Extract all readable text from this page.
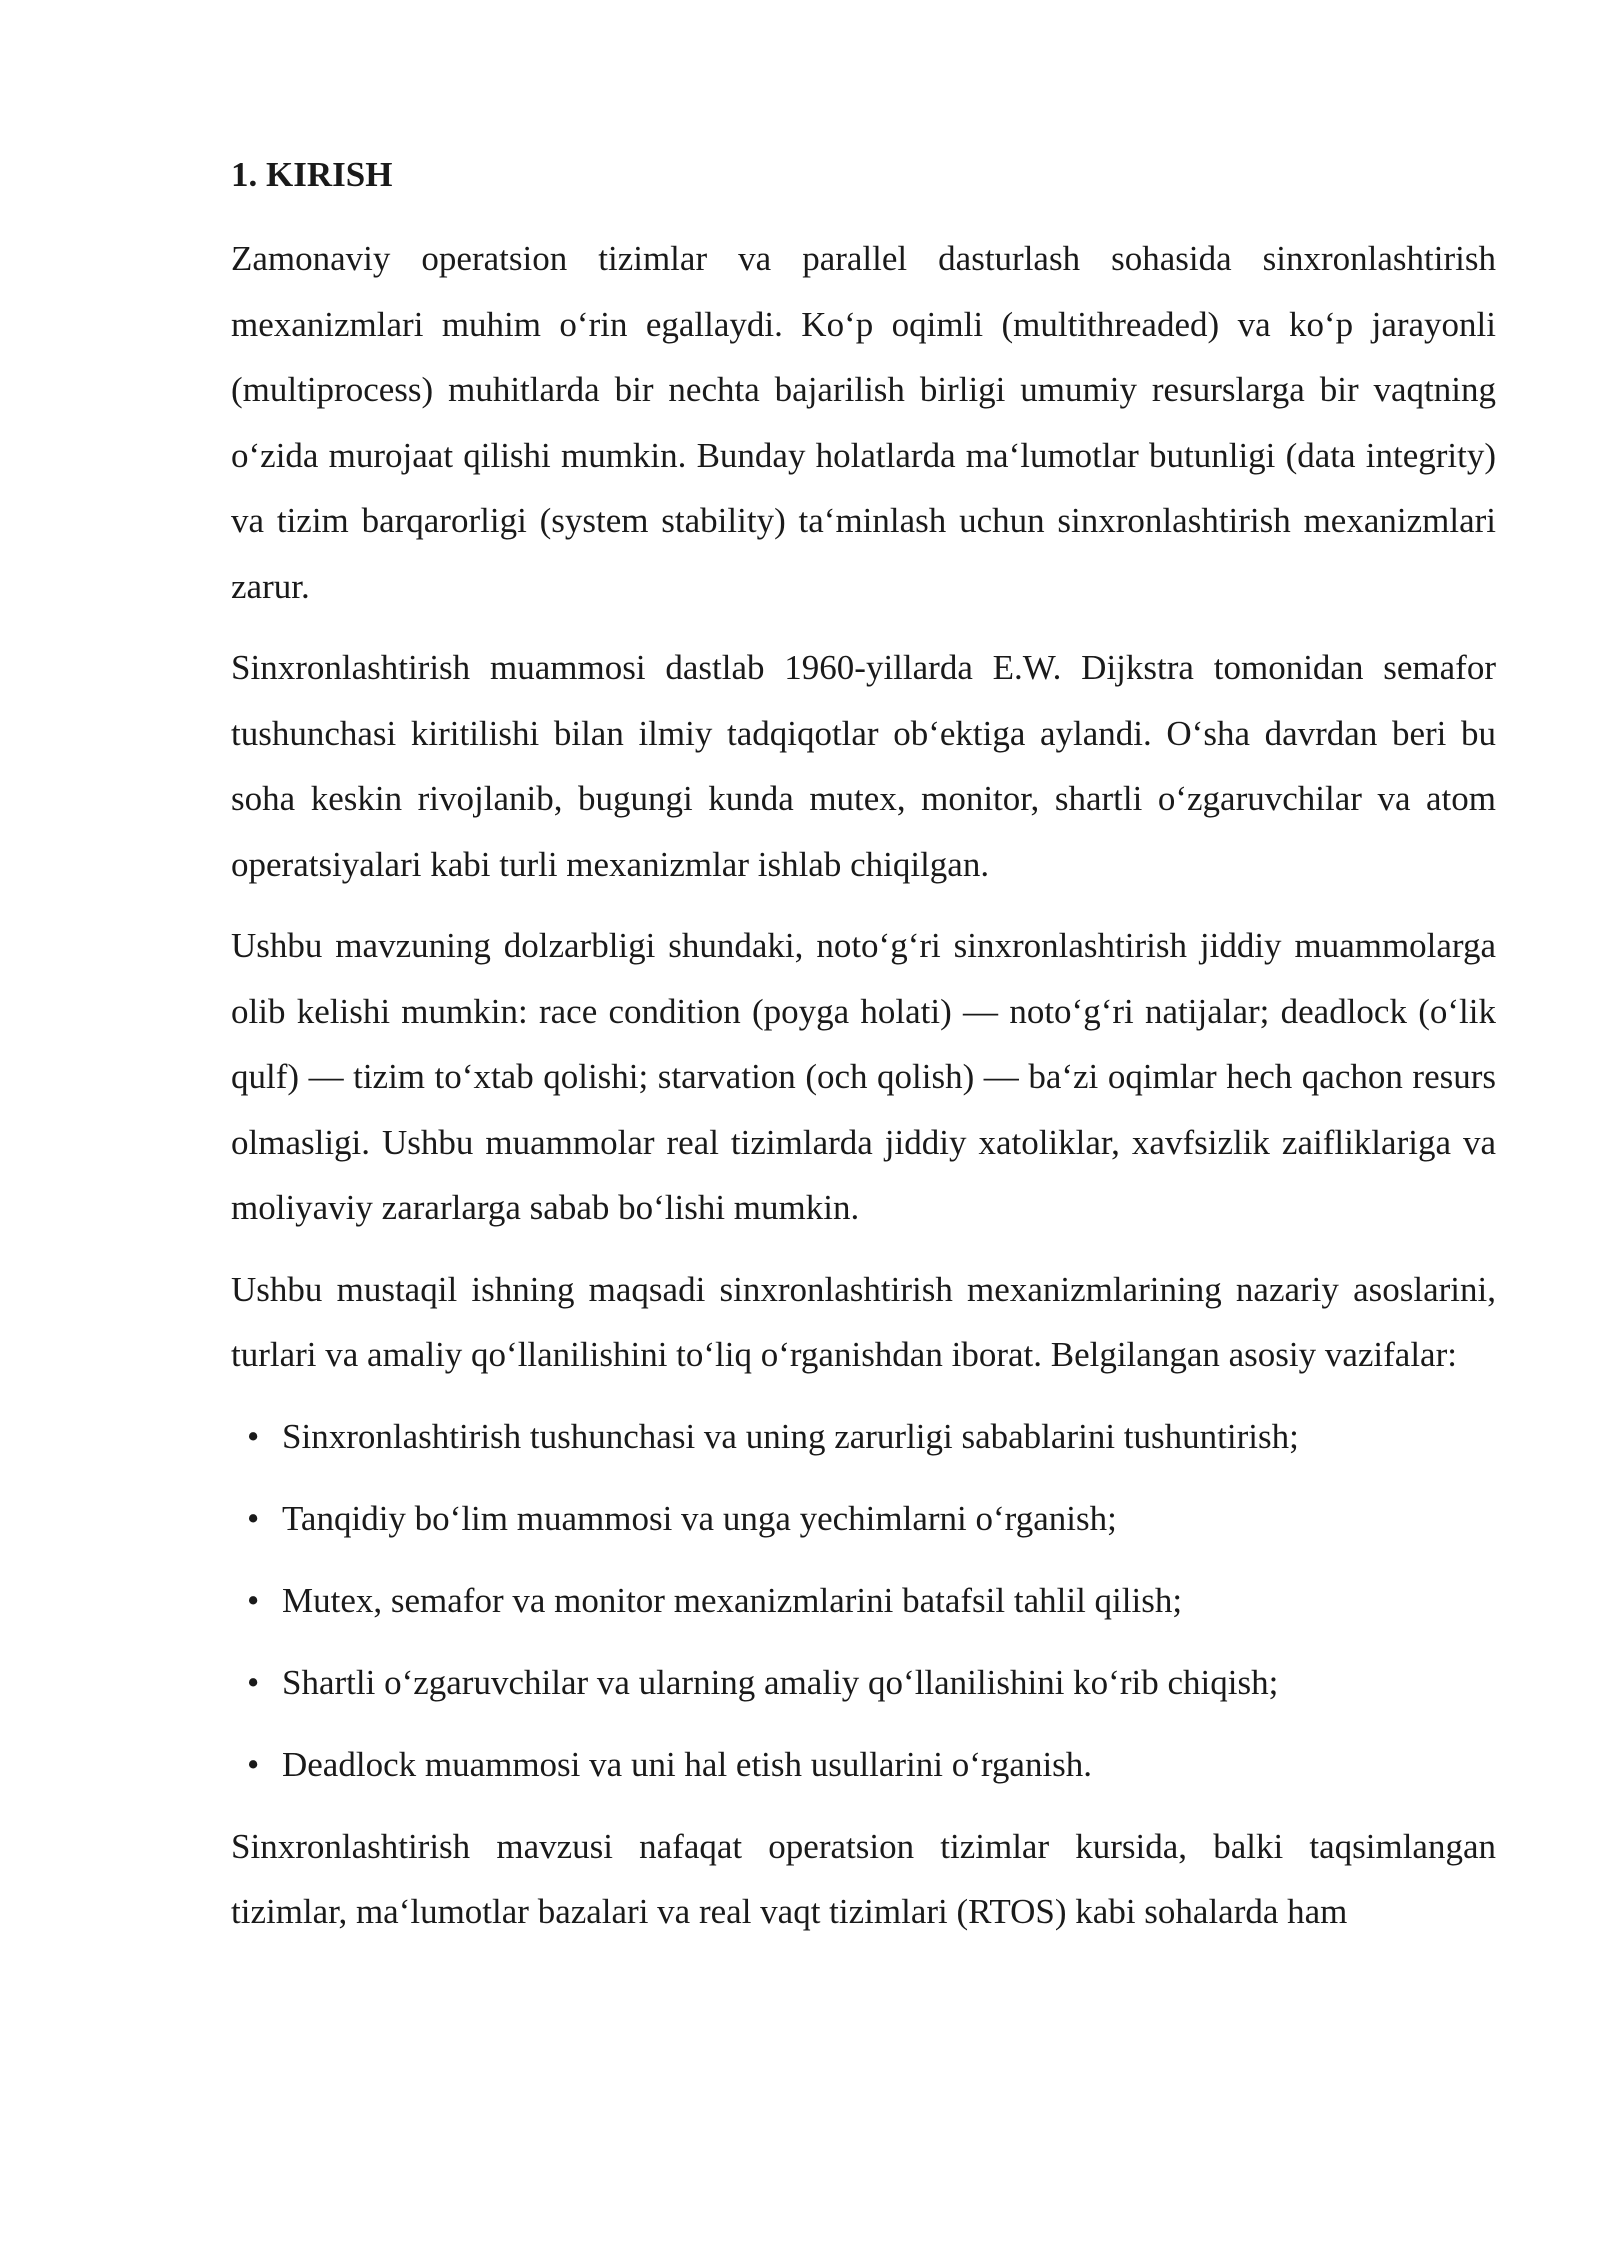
1. KIRISH

Zamonaviy operatsion tizimlar va parallel dasturlash sohasida sinxronlashtirish mexanizmlari muhim o‘rin egallaydi. Ko‘p oqimli (multithreaded) va ko‘p jarayonli (multiprocess) muhitlarda bir nechta bajarilish birligi umumiy resurslarga bir vaqtning o‘zida murojaat qilishi mumkin. Bunday holatlarda ma‘lumotlar butunligi (data integrity) va tizim barqarorligi (system stability) ta‘minlash uchun sinxronlashtirish mexanizmlari zarur.

Sinxronlashtirish muammosi dastlab 1960-yillarda E.W. Dijkstra tomonidan semafor tushunchasi kiritilishi bilan ilmiy tadqiqotlar ob‘ektiga aylandi. O‘sha davrdan beri bu soha keskin rivojlanib, bugungi kunda mutex, monitor, shartli o‘zgaruvchilar va atom operatsiyalari kabi turli mexanizmlar ishlab chiqilgan.

Ushbu mavzuning dolzarbligi shundaki, noto‘g‘ri sinxronlashtirish jiddiy muammolarga olib kelishi mumkin: race condition (poyga holati) — noto‘g‘ri natijalar; deadlock (o‘lik qulf) — tizim to‘xtab qolishi; starvation (och qolish) — ba‘zi oqimlar hech qachon resurs olmasligi. Ushbu muammolar real tizimlarda jiddiy xatoliklar, xavfsizlik zaifliklariga va moliyaviy zararlarga sabab bo‘lishi mumkin.

Ushbu mustaqil ishning maqsadi sinxronlashtirish mexanizmlarining nazariy asoslarini, turlari va amaliy qo‘llanilishini to‘liq o‘rganishdan iborat. Belgilangan asosiy vazifalar:

• Sinxronlashtirish tushunchasi va uning zarurligi sabablarini tushuntirish;
• Tanqidiy bo‘lim muammosi va unga yechimlarni o‘rganish;
• Mutex, semafor va monitor mexanizmlarini batafsil tahlil qilish;
• Shartli o‘zgaruvchilar va ularning amaliy qo‘llanilishini ko‘rib chiqish;
• Deadlock muammosi va uni hal etish usullarini o‘rganish.

Sinxronlashtirish mavzusi nafaqat operatsion tizimlar kursida, balki taqsimlangan tizimlar, ma‘lumotlar bazalari va real vaqt tizimlari (RTOS) kabi sohalarda ham
